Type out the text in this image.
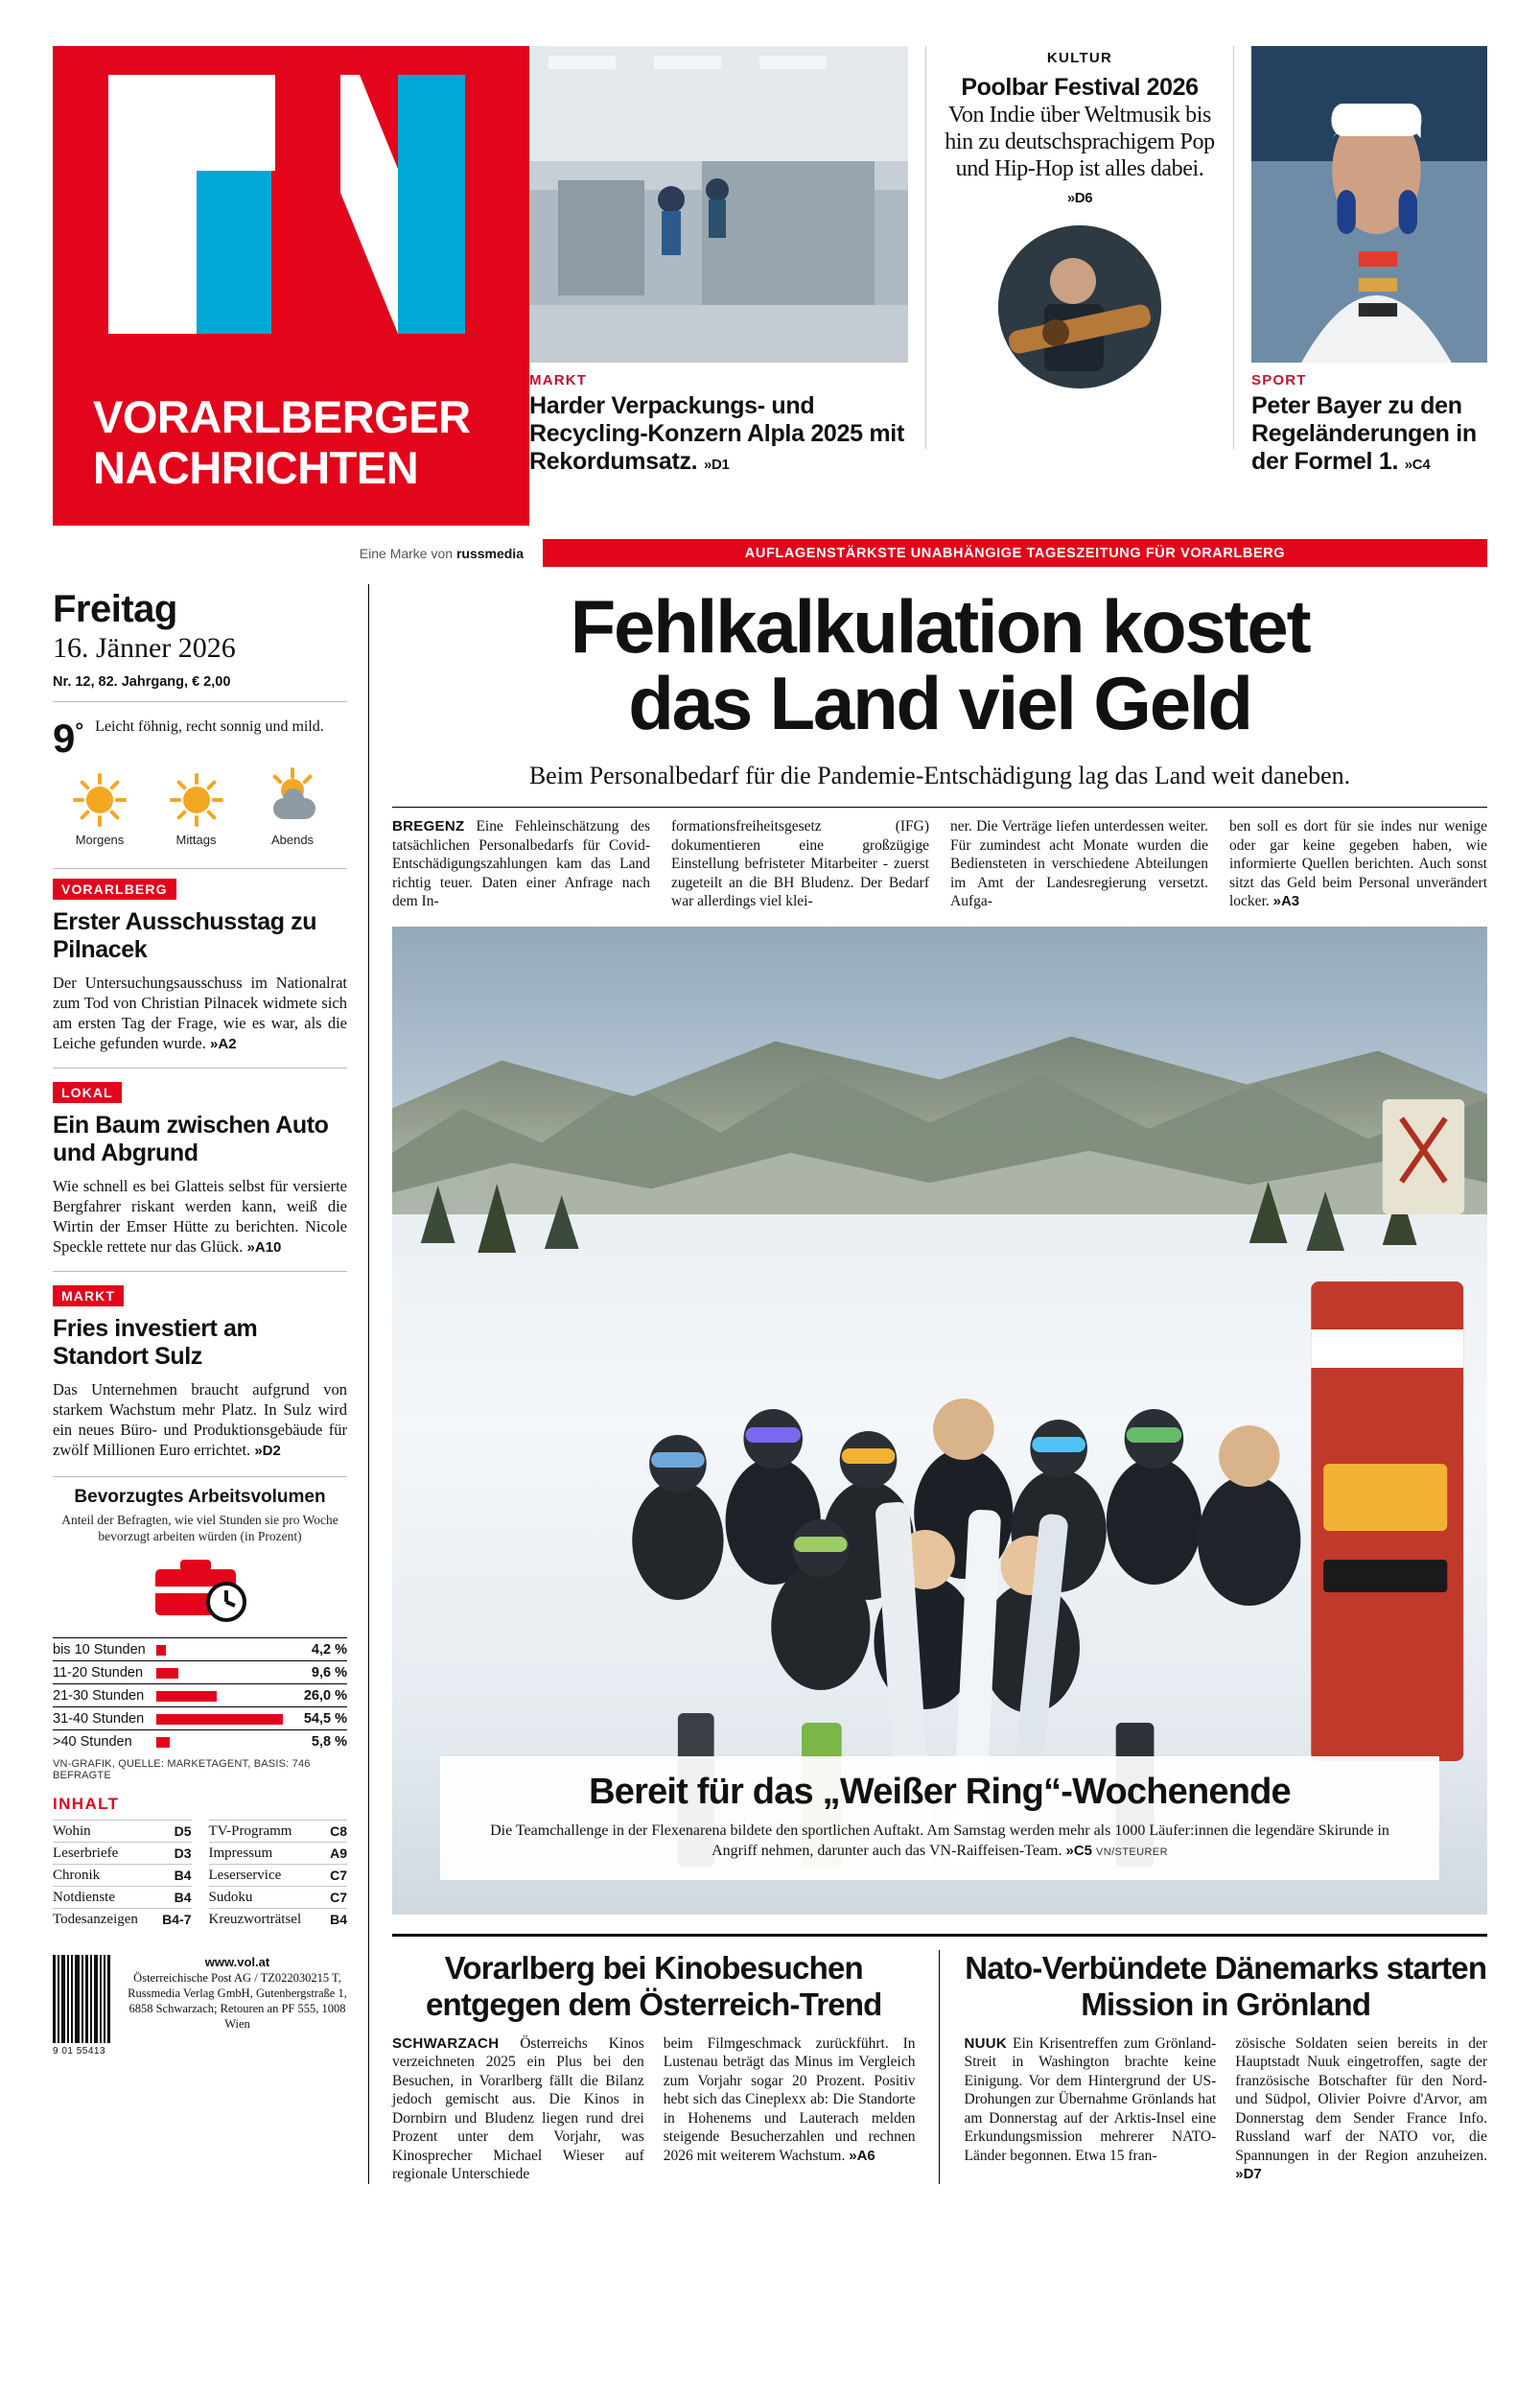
VORARLBERGER
NACHRICHTEN
MARKT
Harder Verpackungs- und Recycling-Konzern Alpla 2025 mit Rekordumsatz. »D1
KULTUR
Poolbar Festival 2026
Von Indie über Weltmusik bis hin zu deutschsprachigem Pop und Hip-Hop ist alles dabei. »D6
SPORT
Peter Bayer zu den Regeländerungen in der Formel 1. »C4
Eine Marke von russmedia	AUFLAGENSTÄRKSTE UNABHÄNGIGE TAGESZEITUNG FÜR VORARLBERG
Freitag
16. Jänner 2026
Nr. 12, 82. Jahrgang, € 2,00
9° Leicht föhnig, recht sonnig und mild.
Morgens	Mittags	Abends
VORARLBERG
Erster Ausschusstag zu Pilnacek
Der Untersuchungsausschuss im Nationalrat zum Tod von Christian Pilnacek widmete sich am ersten Tag der Frage, wie es war, als die Leiche gefunden wurde. »A2
LOKAL
Ein Baum zwischen Auto und Abgrund
Wie schnell es bei Glatteis selbst für versierte Bergfahrer riskant werden kann, weiß die Wirtin der Emser Hütte zu berichten. Nicole Speckle rettete nur das Glück. »A10
MARKT
Fries investiert am Standort Sulz
Das Unternehmen braucht aufgrund von starkem Wachstum mehr Platz. In Sulz wird ein neues Büro- und Produktionsgebäude für zwölf Millionen Euro errichtet. »D2
Bevorzugtes Arbeitsvolumen
Anteil der Befragten, wie viel Stunden sie pro Woche bevorzugt arbeiten würden (in Prozent)
bis 10 Stunden	4,2 %
11-20 Stunden	9,6 %
21-30 Stunden	26,0 %
31-40 Stunden	54,5 %
>40 Stunden	5,8 %
VN-GRAFIK, QUELLE: MARKETAGENT, BASIS: 746 BEFRAGTE
INHALT
Wohin	D5
Leserbriefe	D3
Chronik	B4
Notdienste	B4
Todesanzeigen B4-7
TV-Programm	C8
Impressum	A9
Leserservice	C7
Sudoku	C7
Kreuzworträtsel B4
9 01 55413
www.vol.at
Österreichische Post AG / TZ022030215 T, Russmedia Verlag GmbH, Gutenbergstraße 1, 6858 Schwarzach; Retouren an PF 555, 1008 Wien
Fehlkalkulation kostet
das Land viel Geld
Beim Personalbedarf für die Pandemie-Entschädigung lag das Land weit daneben.
BREGENZ Eine Fehleinschätzung des tatsächlichen Personalbedarfs für Covid-Entschädigungszahlungen kam das Land richtig teuer. Daten einer Anfrage nach dem In-
formationsfreiheitsgesetz (IFG) dokumentieren eine großzügige Einstellung befristeter Mitarbeiter - zuerst zugeteilt an die BH Bludenz. Der Bedarf war allerdings viel klei-
ner. Die Verträge liefen unterdessen weiter. Für zumindest acht Monate wurden die Bediensteten in verschiedene Abteilungen im Amt der Landesregierung versetzt. Aufga-
ben soll es dort für sie indes nur wenige oder gar keine gegeben haben, wie informierte Quellen berichten. Auch sonst sitzt das Geld beim Personal unverändert locker. »A3
Bereit für das „Weißer Ring“-Wochenende

Die Teamchallenge in der Flexenarena bildete den sportlichen Auftakt. Am Samstag werden mehr als 1000 Läufer:innen die legendäre Skirunde in Angriff nehmen, darunter auch das VN-Raiffeisen-Team. »C5 VN/STEURER

Vorarlberg bei Kinobesuchen entgegen dem Österreich-Trend
SCHWARZACH Österreichs Kinos verzeichneten 2025 ein Plus bei den Besuchen, in Vorarlberg fällt die Bilanz jedoch gemischt aus. Die Kinos in Dornbirn und Bludenz liegen rund drei Prozent unter dem Vorjahr, was Kinosprecher Michael Wieser auf regionale Unterschiede
beim Filmgeschmack zurückführt. In Lustenau beträgt das Minus im Vergleich zum Vorjahr sogar 20 Prozent. Positiv hebt sich das Cineplexx ab: Die Standorte in Hohenems und Lauterach melden steigende Besucherzahlen und rechnen 2026 mit weiterem Wachstum. »A6
Nato-Verbündete Dänemarks starten Mission in Grönland
NUUK Ein Krisentreffen zum Grönland-Streit in Washington brachte keine Einigung. Vor dem Hintergrund der US-Drohungen zur Übernahme Grönlands hat am Donnerstag auf der Arktis-Insel eine Erkundungsmission mehrerer NATO-Länder begonnen. Etwa 15 fran-
zösische Soldaten seien bereits in der Hauptstadt Nuuk eingetroffen, sagte der französische Botschafter für den Nord- und Südpol, Olivier Poivre d'Arvor, am Donnerstag dem Sender France Info. Russland warf der NATO vor, die Spannungen in der Region anzuheizen. »D7
